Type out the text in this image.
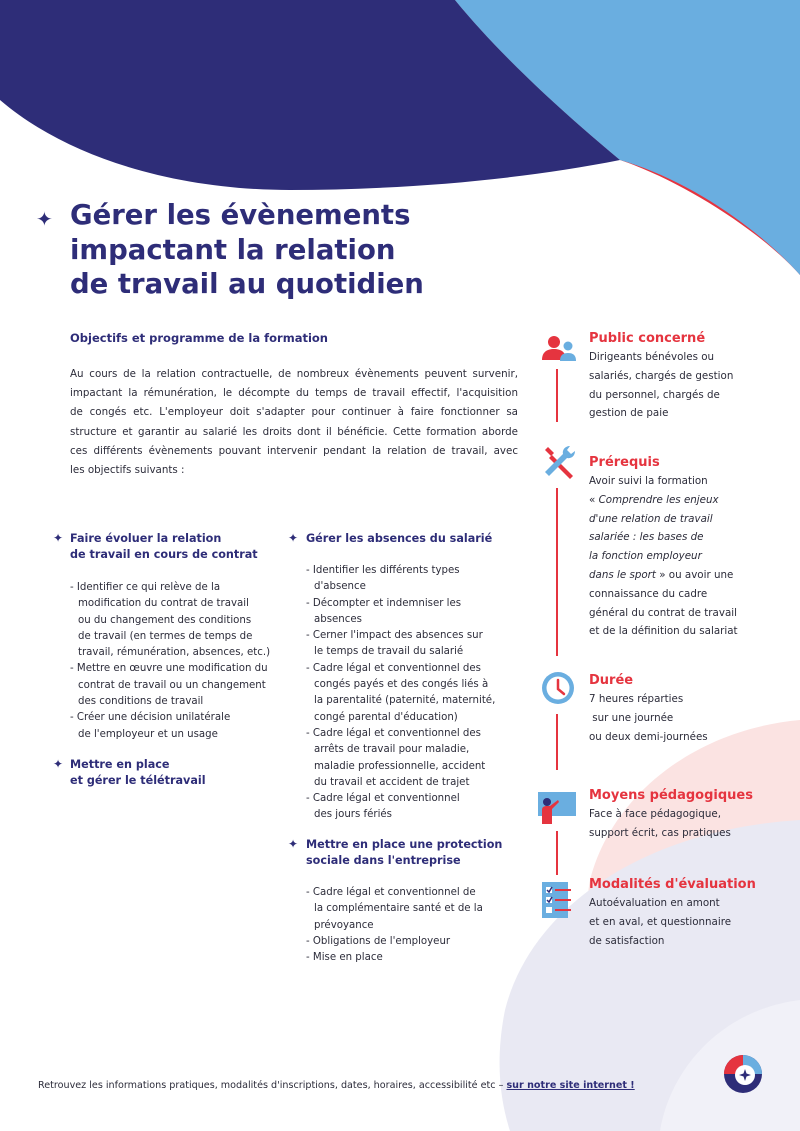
✦ Gérer les évènements
impactant la relation
de travail au quotidien
Objectifs et programme de la formation
Au cours de la relation contractuelle, de nombreux évènements peuvent survenir,
impactant la rémunération, le décompte du temps de travail effectif, l'acquisition
de congés etc. L'employeur doit s'adapter pour continuer à faire fonctionner sa
structure et garantir au salarié les droits dont il bénéficie. Cette formation aborde
ces différents évènements pouvant intervenir pendant la relation de travail, avec
les objectifs suivants :
✦ Faire évoluer la relation
de travail en cours de contrat
- Identifier ce qui relève de la
modification du contrat de travail
ou du changement des conditions
de travail (en termes de temps de
travail, rémunération, absences, etc.)
- Mettre en œuvre une modification du
contrat de travail ou un changement
des conditions de travail
- Créer une décision unilatérale
de l'employeur et un usage
✦ Mettre en place
et gérer le télétravail
✦ Gérer les absences du salarié
- Identifier les différents types
d'absence
- Décompter et indemniser les
absences
- Cerner l'impact des absences sur
le temps de travail du salarié
- Cadre légal et conventionnel des
congés payés et des congés liés à
la parentalité (paternité, maternité,
congé parental d'éducation)
- Cadre légal et conventionnel des
arrêts de travail pour maladie,
maladie professionnelle, accident
du travail et accident de trajet
- Cadre légal et conventionnel
des jours fériés
✦ Mettre en place une protection
sociale dans l'entreprise
- Cadre légal et conventionnel de
la complémentaire santé et de la
prévoyance
- Obligations de l'employeur
- Mise en place
Public concerné
Dirigeants bénévoles ou
salariés, chargés de gestion
du personnel, chargés de
gestion de paie
Prérequis
Avoir suivi la formation
« Comprendre les enjeux
d'une relation de travail
salariée : les bases de
la fonction employeur
dans le sport » ou avoir une
connaissance du cadre
général du contrat de travail
et de la définition du salariat
Durée
7 heures réparties
sur une journée
ou deux demi-journées
Moyens pédagogiques
Face à face pédagogique,
support écrit, cas pratiques
Modalités d'évaluation
Autoévaluation en amont
et en aval, et questionnaire
de satisfaction
Retrouvez les informations pratiques, modalités d'inscriptions, dates, horaires, accessibilité etc – sur notre site internet !
